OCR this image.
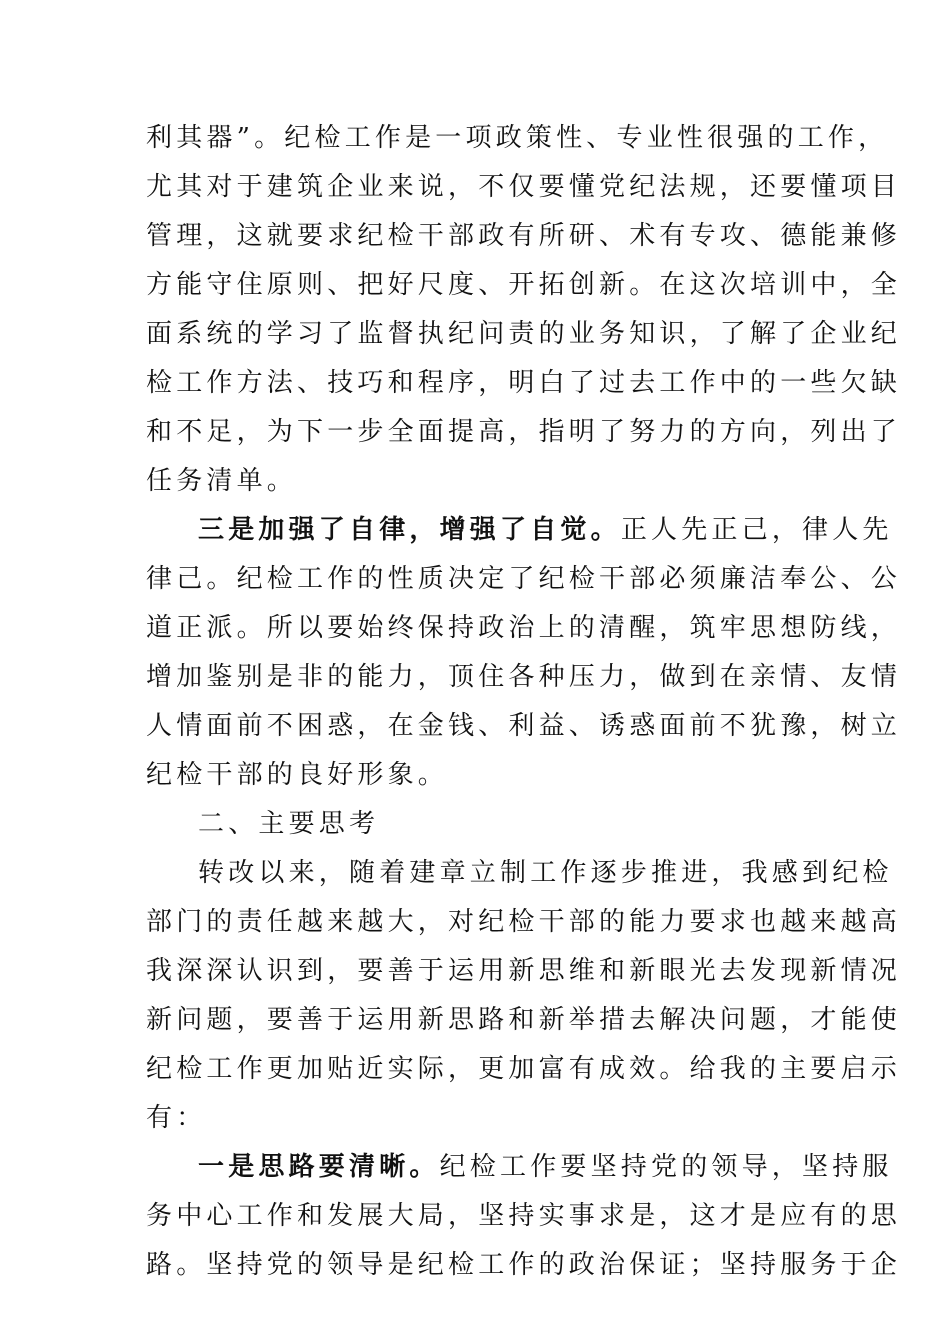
利其器”。纪检工作是一项政策性、专业性很强的工作，
尤其对于建筑企业来说，不仅要懂党纪法规，还要懂项目
管理，这就要求纪检干部政有所研、术有专攻、德能兼修
方能守住原则、把好尺度、开拓创新。在这次培训中，全
面系统的学习了监督执纪问责的业务知识，了解了企业纪
检工作方法、技巧和程序，明白了过去工作中的一些欠缺
和不足，为下一步全面提高，指明了努力的方向，列出了
任务清单。
三是加强了自律，增强了自觉。正人先正己，律人先
律己。纪检工作的性质决定了纪检干部必须廉洁奉公、公
道正派。所以要始终保持政治上的清醒，筑牢思想防线，
增加鉴别是非的能力，顶住各种压力，做到在亲情、友情
人情面前不困惑，在金钱、利益、诱惑面前不犹豫，树立
纪检干部的良好形象。
二、主要思考
转改以来，随着建章立制工作逐步推进，我感到纪检
部门的责任越来越大，对纪检干部的能力要求也越来越高
我深深认识到，要善于运用新思维和新眼光去发现新情况
新问题，要善于运用新思路和新举措去解决问题，才能使
纪检工作更加贴近实际，更加富有成效。给我的主要启示
有：
一是思路要清晰。纪检工作要坚持党的领导，坚持服
务中心工作和发展大局，坚持实事求是，这才是应有的思
路。坚持党的领导是纪检工作的政治保证；坚持服务于企
